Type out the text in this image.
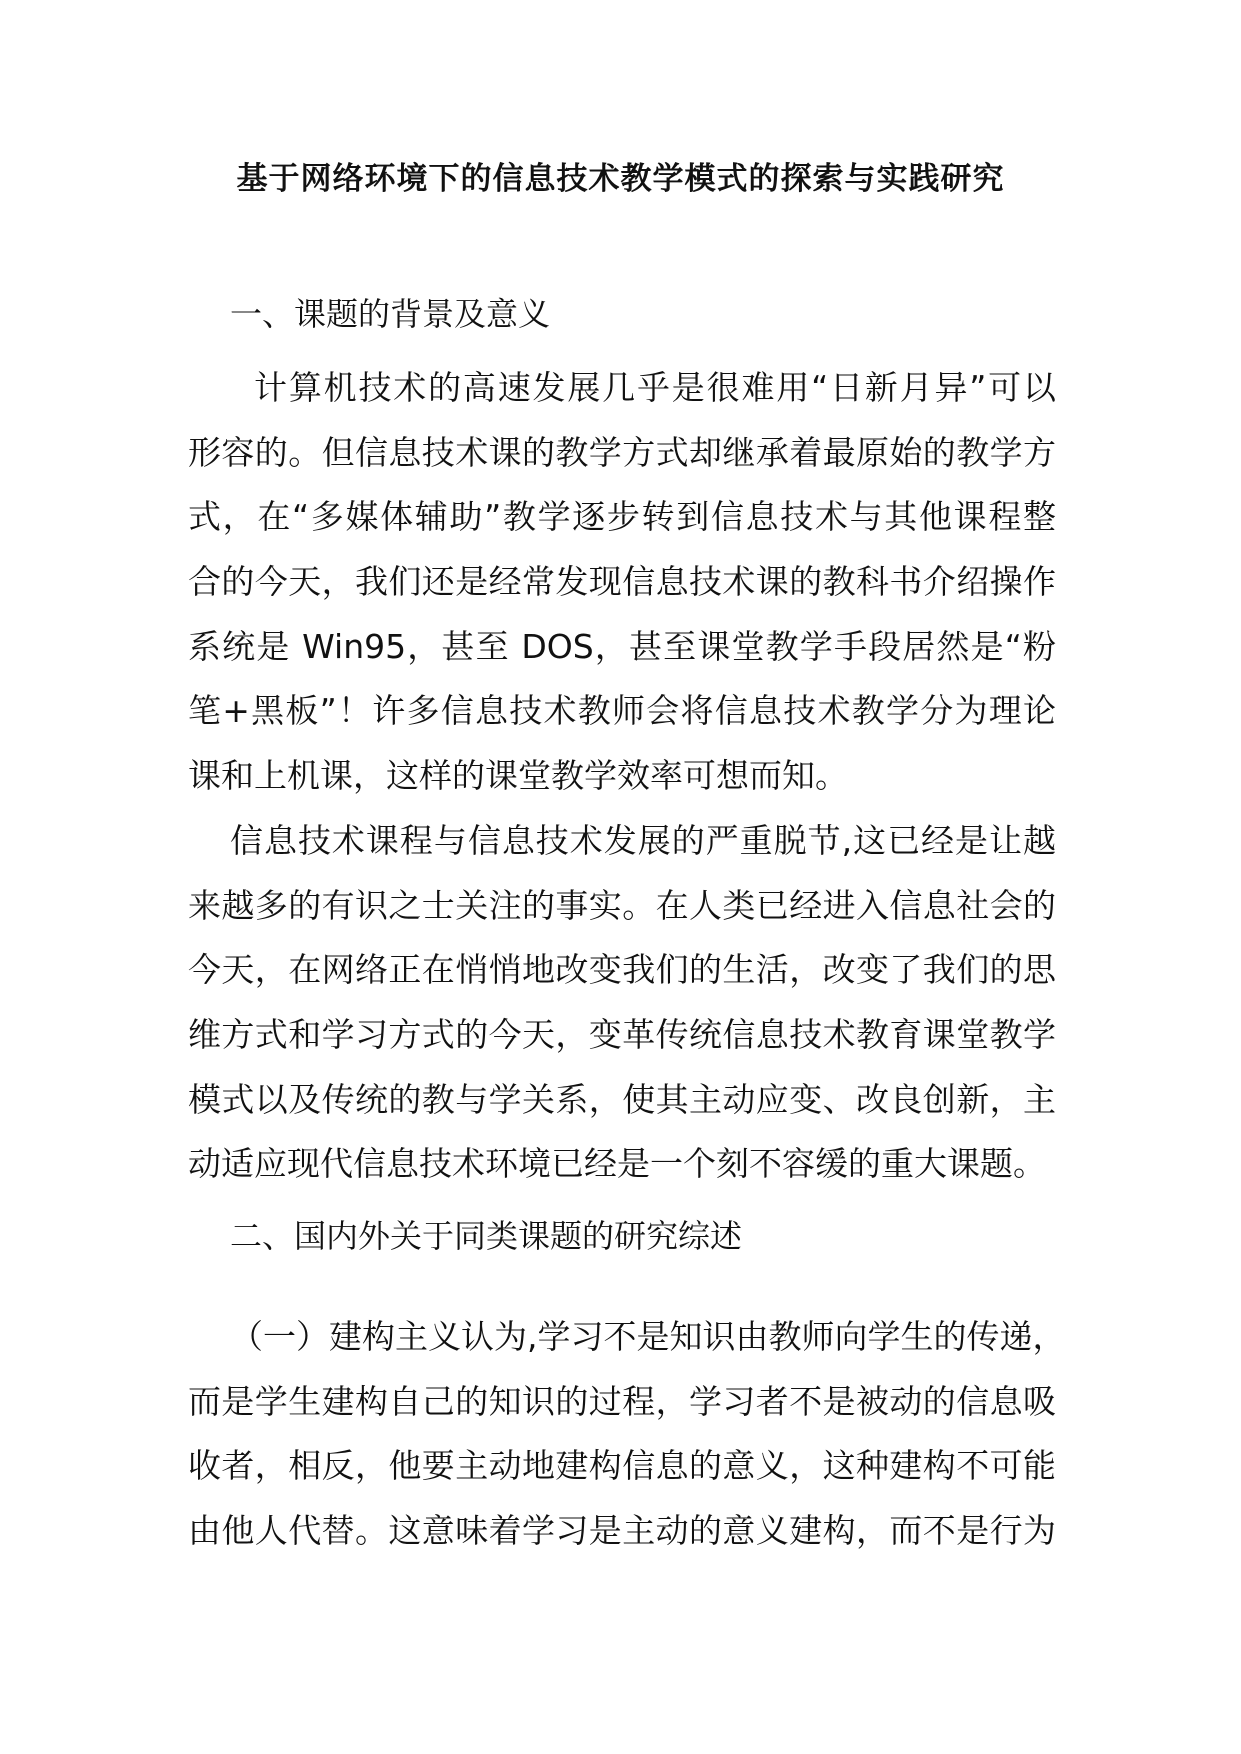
基于网络环境下的信息技术教学模式的探索与实践研究
一、课题的背景及意义
计算机技术的高速发展几乎是很难用“日新月异”可以
形容的。但信息技术课的教学方式却继承着最原始的教学方
式，在“多媒体辅助”教学逐步转到信息技术与其他课程整
合的今天，我们还是经常发现信息技术课的教科书介绍操作
系统是 Win95，甚至 DOS，甚至课堂教学手段居然是“粉
笔+黑板”！许多信息技术教师会将信息技术教学分为理论
课和上机课，这样的课堂教学效率可想而知。
信息技术课程与信息技术发展的严重脱节,这已经是让越
来越多的有识之士关注的事实。在人类已经进入信息社会的
今天，在网络正在悄悄地改变我们的生活，改变了我们的思
维方式和学习方式的今天，变革传统信息技术教育课堂教学
模式以及传统的教与学关系，使其主动应变、改良创新，主
动适应现代信息技术环境已经是一个刻不容缓的重大课题。
二、国内外关于同类课题的研究综述
（一）建构主义认为,学习不是知识由教师向学生的传递，
而是学生建构自己的知识的过程，学习者不是被动的信息吸
收者，相反，他要主动地建构信息的意义，这种建构不可能
由他人代替。这意味着学习是主动的意义建构，而不是行为
